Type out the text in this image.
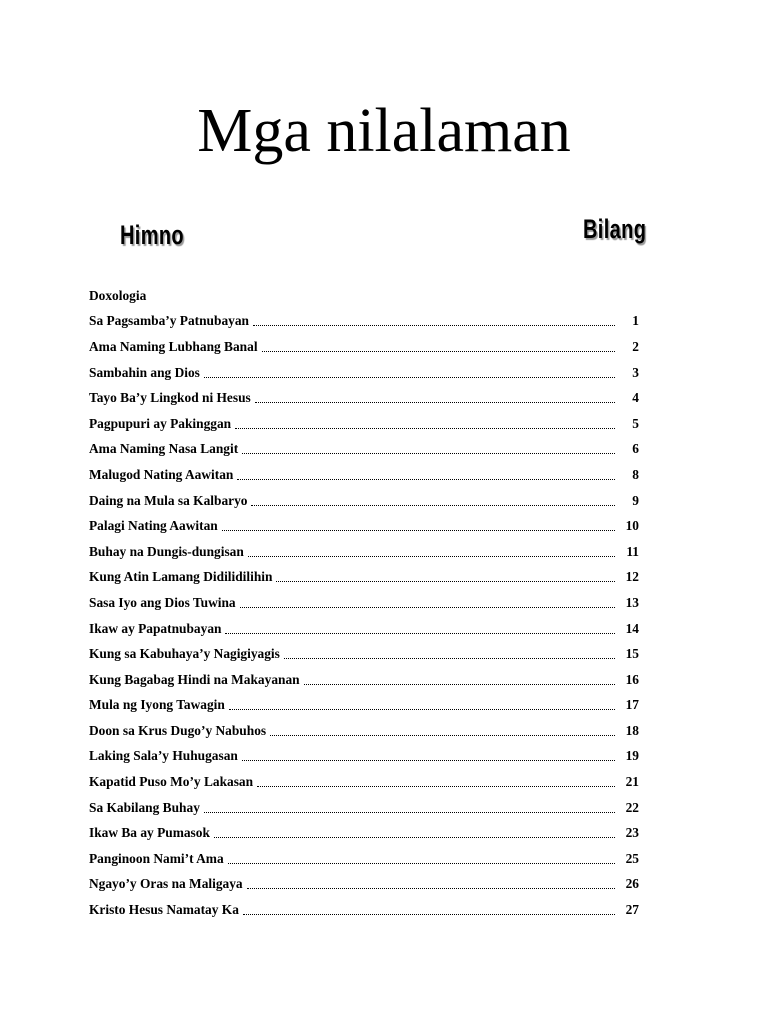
Mga nilalaman
Himno	Bilang
Doxologia
Sa Pagsamba’y Patnubayan	1
Ama Naming Lubhang Banal	2
Sambahin ang Dios	3
Tayo Ba’y Lingkod ni Hesus	4
Pagpupuri ay Pakinggan	5
Ama Naming Nasa Langit	6
Malugod Nating Aawitan	8
Daing na Mula sa Kalbaryo	9
Palagi Nating Aawitan	10
Buhay na Dungis-dungisan	11
Kung Atin Lamang Didilidilihin	12
Sasa Iyo ang Dios Tuwina	13
Ikaw ay Papatnubayan	14
Kung sa Kabuhaya’y Nagigiyagis	15
Kung Bagabag Hindi na Makayanan	16
Mula ng Iyong Tawagin	17
Doon sa Krus Dugo’y Nabuhos	18
Laking Sala’y Huhugasan	19
Kapatid Puso Mo’y Lakasan	21
Sa Kabilang Buhay	22
Ikaw Ba ay Pumasok	23
Panginoon Nami’t Ama	25
Ngayo’y Oras na Maligaya	26
Kristo Hesus Namatay Ka	27
